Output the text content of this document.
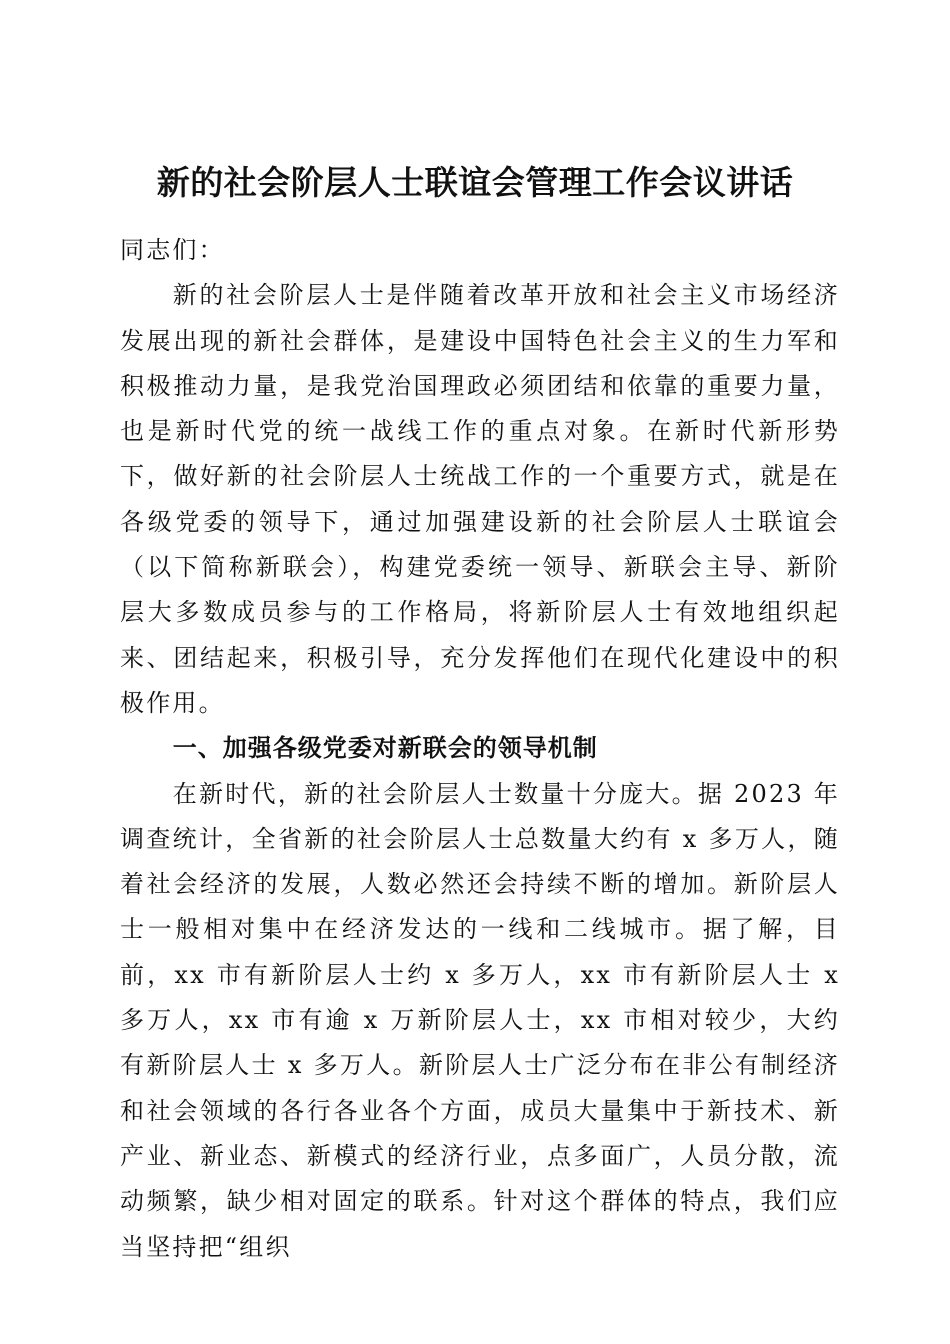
新的社会阶层人士联谊会管理工作会议讲话

同志们：

新的社会阶层人士是伴随着改革开放和社会主义市场经济发展出现的新社会群体，是建设中国特色社会主义的生力军和积极推动力量，是我党治国理政必须团结和依靠的重要力量，也是新时代党的统一战线工作的重点对象。在新时代新形势下，做好新的社会阶层人士统战工作的一个重要方式，就是在各级党委的领导下，通过加强建设新的社会阶层人士联谊会（以下简称新联会），构建党委统一领导、新联会主导、新阶层大多数成员参与的工作格局，将新阶层人士有效地组织起来、团结起来，积极引导，充分发挥他们在现代化建设中的积极作用。

一、加强各级党委对新联会的领导机制

在新时代，新的社会阶层人士数量十分庞大。据 2023 年调查统计，全省新的社会阶层人士总数量大约有 x 多万人，随着社会经济的发展，人数必然还会持续不断的增加。新阶层人士一般相对集中在经济发达的一线和二线城市。据了解，目前，xx 市有新阶层人士约 x 多万人，xx 市有新阶层人士 x 多万人，xx 市有逾 x 万新阶层人士，xx 市相对较少，大约有新阶层人士 x 多万人。新阶层人士广泛分布在非公有制经济和社会领域的各行各业各个方面，成员大量集中于新技术、新产业、新业态、新模式的经济行业，点多面广，人员分散，流动频繁，缺少相对固定的联系。针对这个群体的特点，我们应当坚持把“组织
